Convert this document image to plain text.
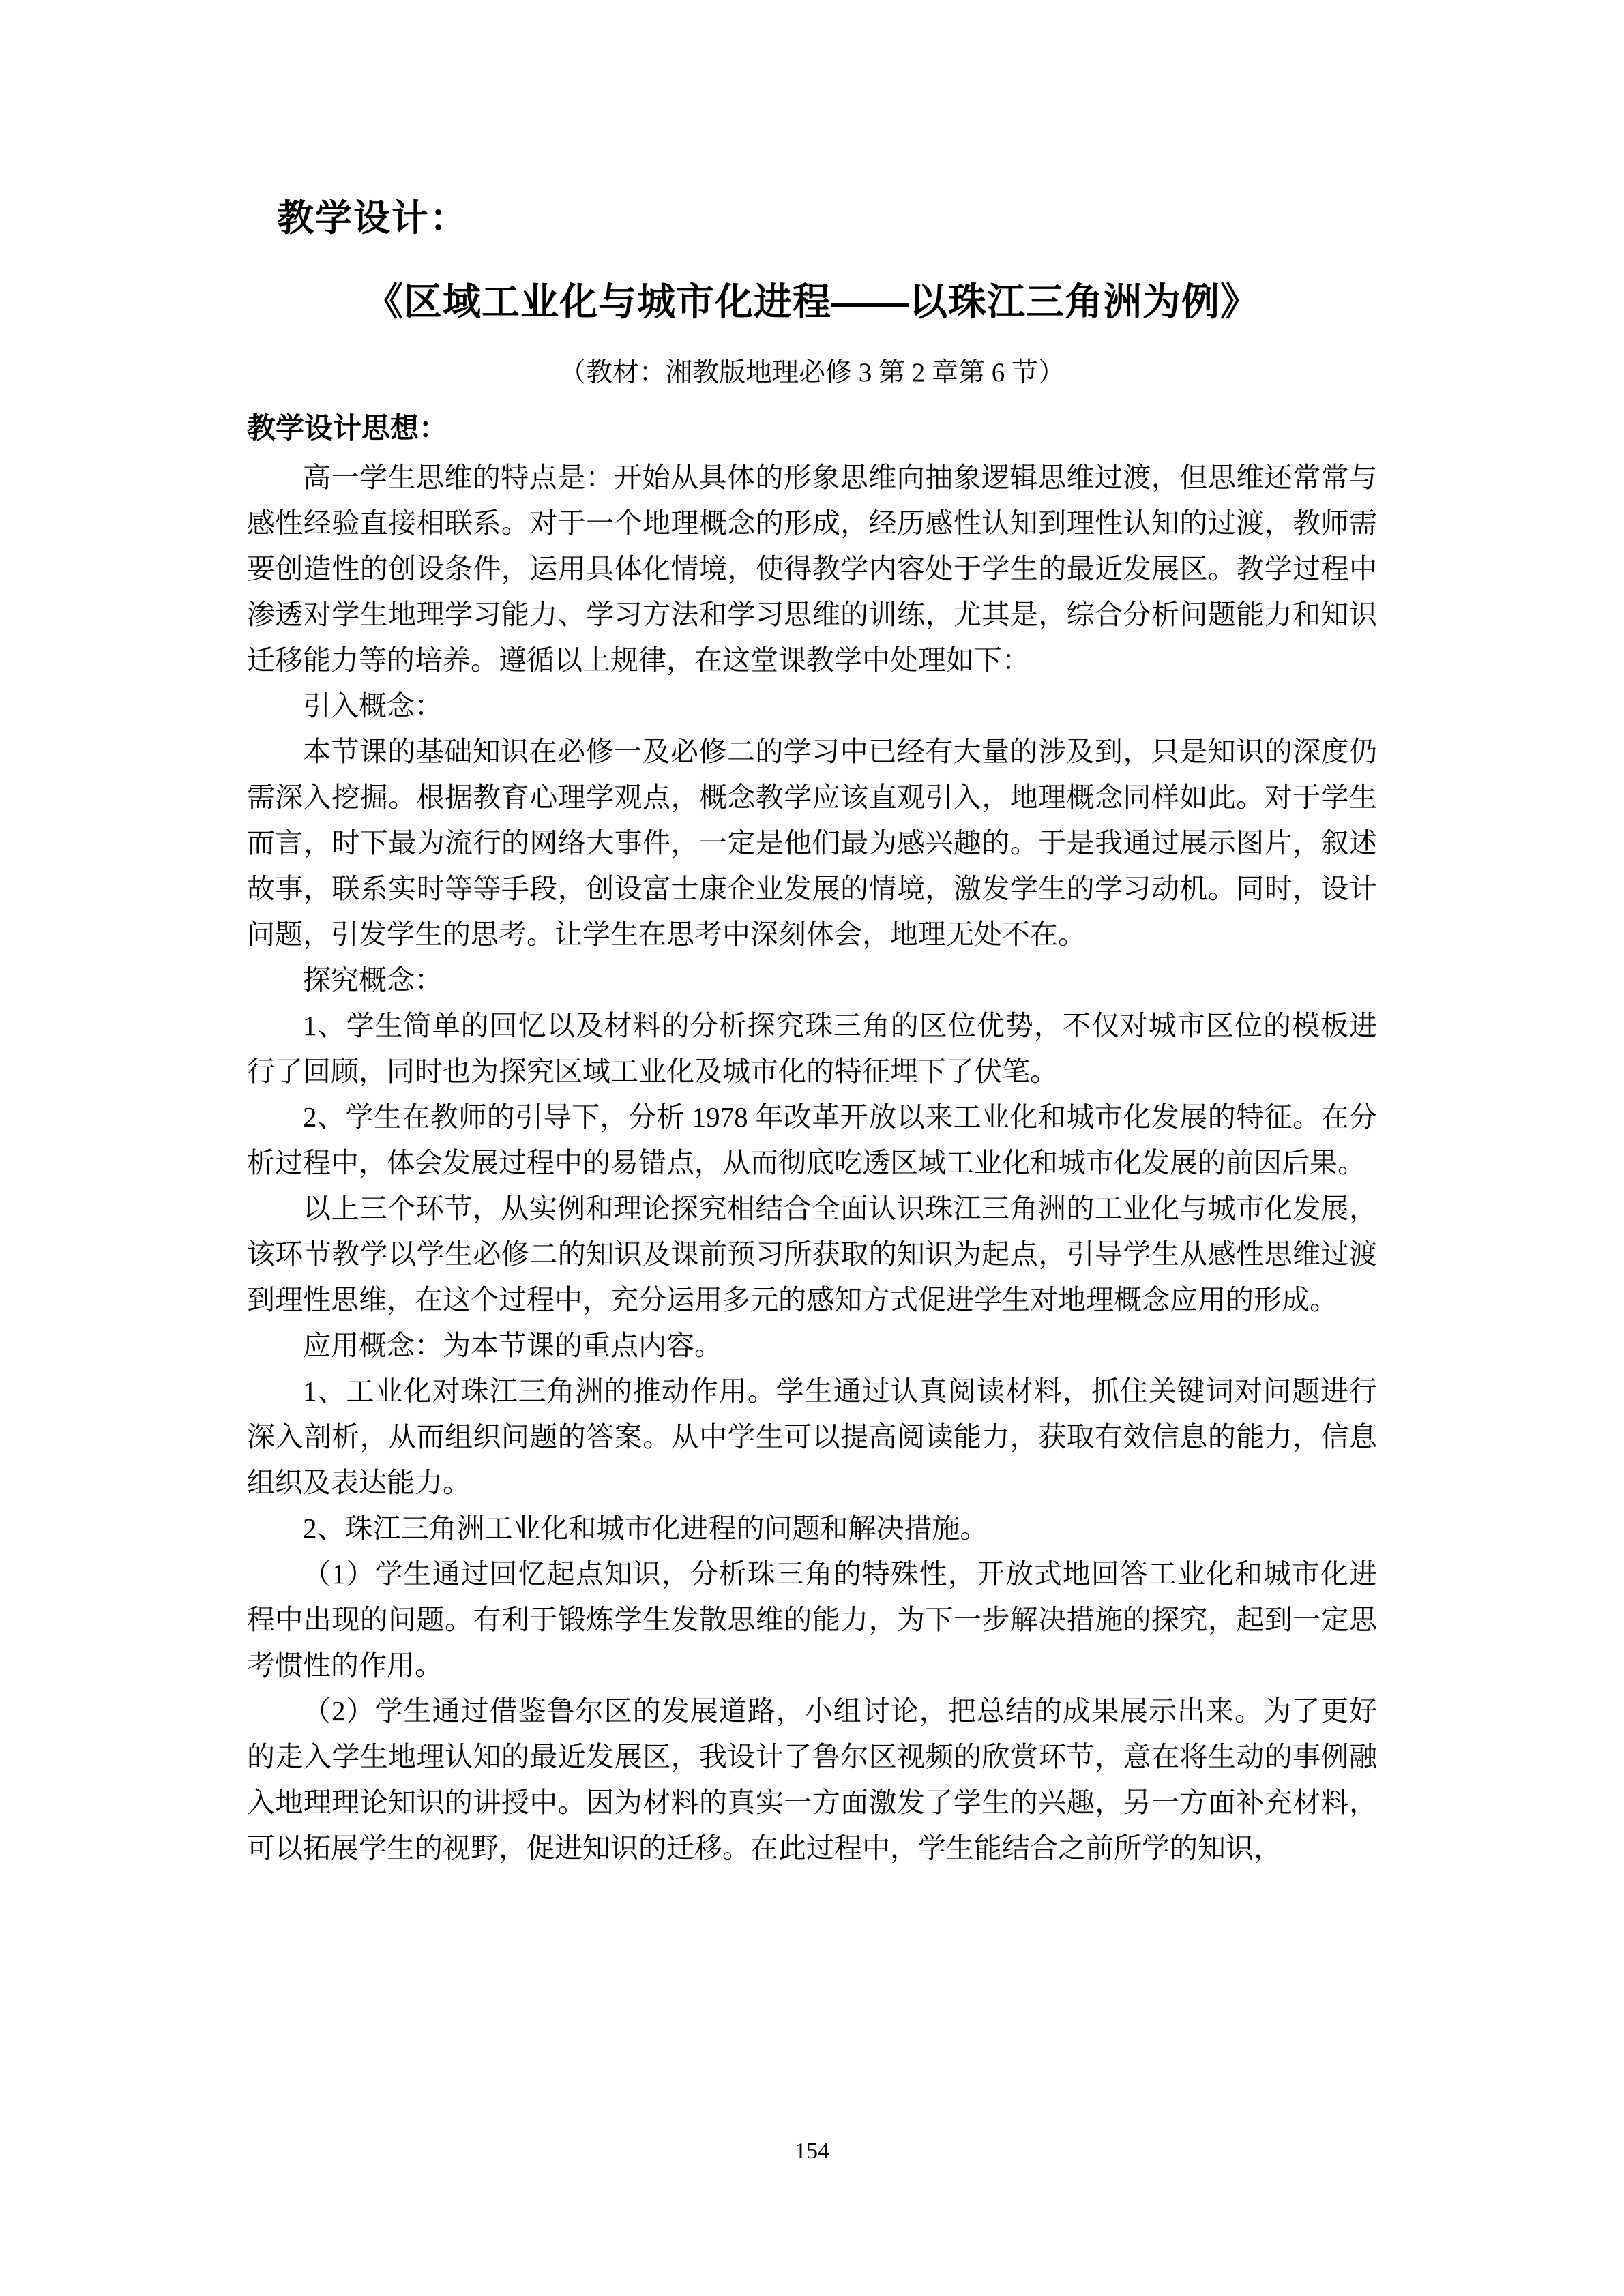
教学设计：
《区域工业化与城市化进程——以珠江三角洲为例》
（教材：湘教版地理必修 3 第 2 章第 6 节）
教学设计思想：

高一学生思维的特点是：开始从具体的形象思维向抽象逻辑思维过渡，但思维还常常与感性经验直接相联系。对于一个地理概念的形成，经历感性认知到理性认知的过渡，教师需要创造性的创设条件，运用具体化情境，使得教学内容处于学生的最近发展区。教学过程中渗透对学生地理学习能力、学习方法和学习思维的训练，尤其是，综合分析问题能力和知识迁移能力等的培养。遵循以上规律，在这堂课教学中处理如下：

引入概念：

本节课的基础知识在必修一及必修二的学习中已经有大量的涉及到，只是知识的深度仍需深入挖掘。根据教育心理学观点，概念教学应该直观引入，地理概念同样如此。对于学生而言，时下最为流行的网络大事件，一定是他们最为感兴趣的。于是我通过展示图片，叙述故事，联系实时等等手段，创设富士康企业发展的情境，激发学生的学习动机。同时，设计问题，引发学生的思考。让学生在思考中深刻体会，地理无处不在。

探究概念：

1、学生简单的回忆以及材料的分析探究珠三角的区位优势，不仅对城市区位的模板进行了回顾，同时也为探究区域工业化及城市化的特征埋下了伏笔。

2、学生在教师的引导下，分析 1978 年改革开放以来工业化和城市化发展的特征。在分析过程中，体会发展过程中的易错点，从而彻底吃透区域工业化和城市化发展的前因后果。

以上三个环节，从实例和理论探究相结合全面认识珠江三角洲的工业化与城市化发展，该环节教学以学生必修二的知识及课前预习所获取的知识为起点，引导学生从感性思维过渡到理性思维，在这个过程中，充分运用多元的感知方式促进学生对地理概念应用的形成。

应用概念：为本节课的重点内容。

1、工业化对珠江三角洲的推动作用。学生通过认真阅读材料，抓住关键词对问题进行深入剖析，从而组织问题的答案。从中学生可以提高阅读能力，获取有效信息的能力，信息组织及表达能力。

2、珠江三角洲工业化和城市化进程的问题和解决措施。

（1）学生通过回忆起点知识，分析珠三角的特殊性，开放式地回答工业化和城市化进程中出现的问题。有利于锻炼学生发散思维的能力，为下一步解决措施的探究，起到一定思考惯性的作用。

（2）学生通过借鉴鲁尔区的发展道路，小组讨论，把总结的成果展示出来。为了更好的走入学生地理认知的最近发展区，我设计了鲁尔区视频的欣赏环节，意在将生动的事例融入地理理论知识的讲授中。因为材料的真实一方面激发了学生的兴趣，另一方面补充材料，可以拓展学生的视野，促进知识的迁移。在此过程中，学生能结合之前所学的知识，

154
